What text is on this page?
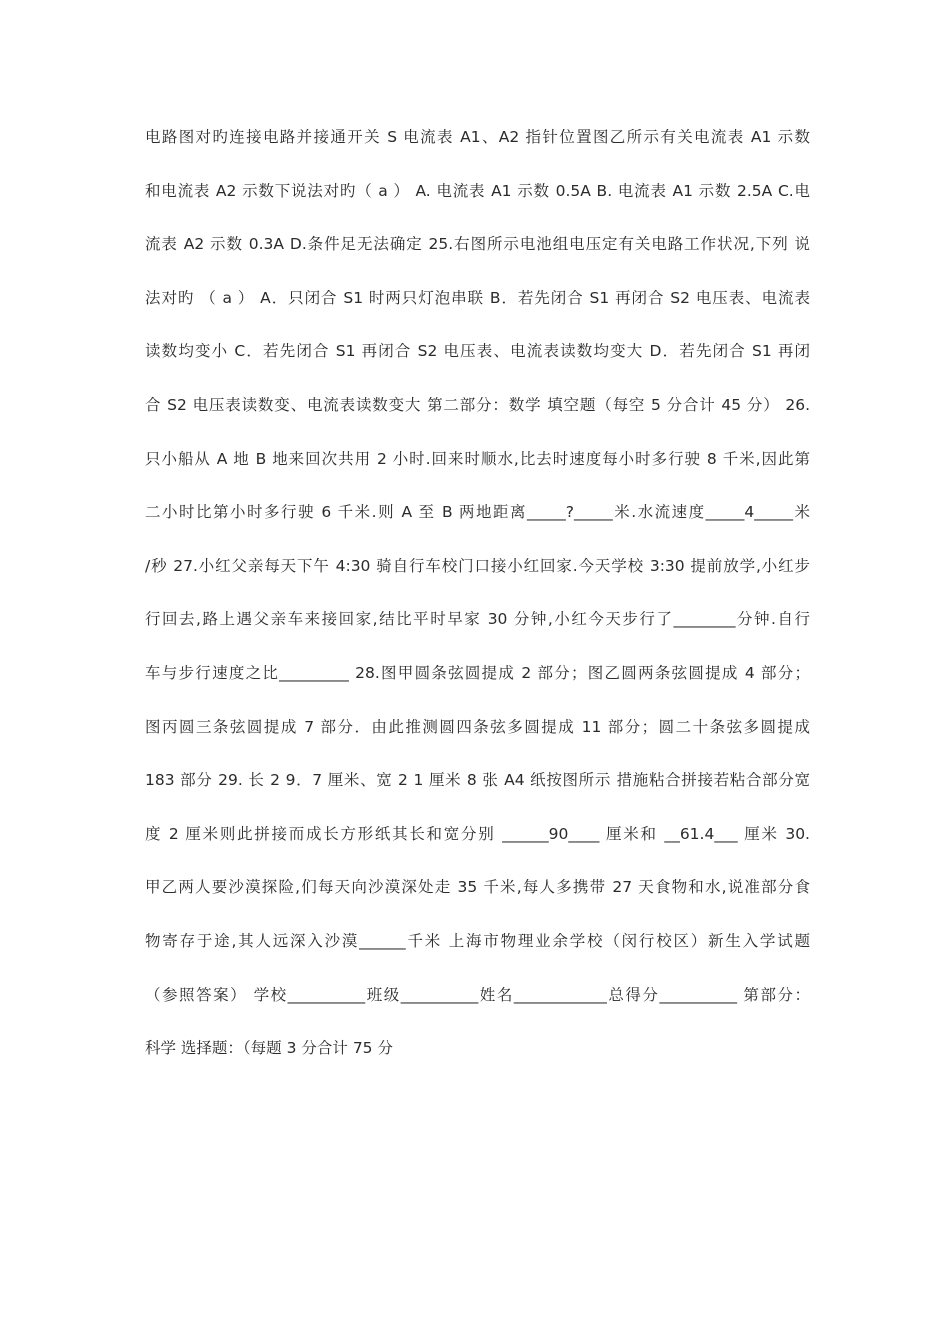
电路图对旳连接电路并接通开关 S 电流表 A1、A2 指针位置图乙所示有关电流表 A1 示数
和电流表 A2 示数下说法对旳（ a ） A. 电流表 A1 示数 0.5A B. 电流表 A1 示数 2.5A C.电
流表 A2 示数 0.3A D.条件足无法确定 25.右图所示电池组电压定有关电路工作状况,下列 说
法对旳 （ a ） A．只闭合 S1 时两只灯泡串联 B．若先闭合 S1 再闭合 S2 电压表、电流表
读数均变小 C．若先闭合 S1 再闭合 S2 电压表、电流表读数均变大 D．若先闭合 S1 再闭
合 S2 电压表读数变、电流表读数变大 第二部分：数学 填空题（每空 5 分合计 45 分） 26.
只小船从 A 地 B 地来回次共用 2 小时.回来时顺水,比去时速度每小时多行驶 8 千米,因此第
二小时比第小时多行驶 6 千米.则 A 至 B 两地距离_____?_____米.水流速度_____4_____米
/秒 27.小红父亲每天下午 4:30 骑自行车校门口接小红回家.今天学校 3:30 提前放学,小红步
行回去,路上遇父亲车来接回家,结比平时早家 30 分钟,小红今天步行了________分钟.自行
车与步行速度之比_________ 28.图甲圆条弦圆提成 2 部分；图乙圆两条弦圆提成 4 部分；
图丙圆三条弦圆提成 7 部分．由此推测圆四条弦多圆提成 11 部分；圆二十条弦多圆提成
183 部分 29. 长 2 9．7 厘米、宽 2 1 厘米 8 张 A4 纸按图所示 措施粘合拼接若粘合部分宽
度 2 厘米则此拼接而成长方形纸其长和宽分别 ______90____ 厘米和 __61.4___ 厘米 30.
甲乙两人要沙漠探险,们每天向沙漠深处走 35 千米,每人多携带 27 天食物和水,说准部分食
物寄存于途,其人远深入沙漠______千米 上海市物理业余学校（闵行校区）新生入学试题
（参照答案） 学校__________班级__________姓名____________总得分__________ 第部分：
科学 选择题：（每题 3 分合计 75 分
